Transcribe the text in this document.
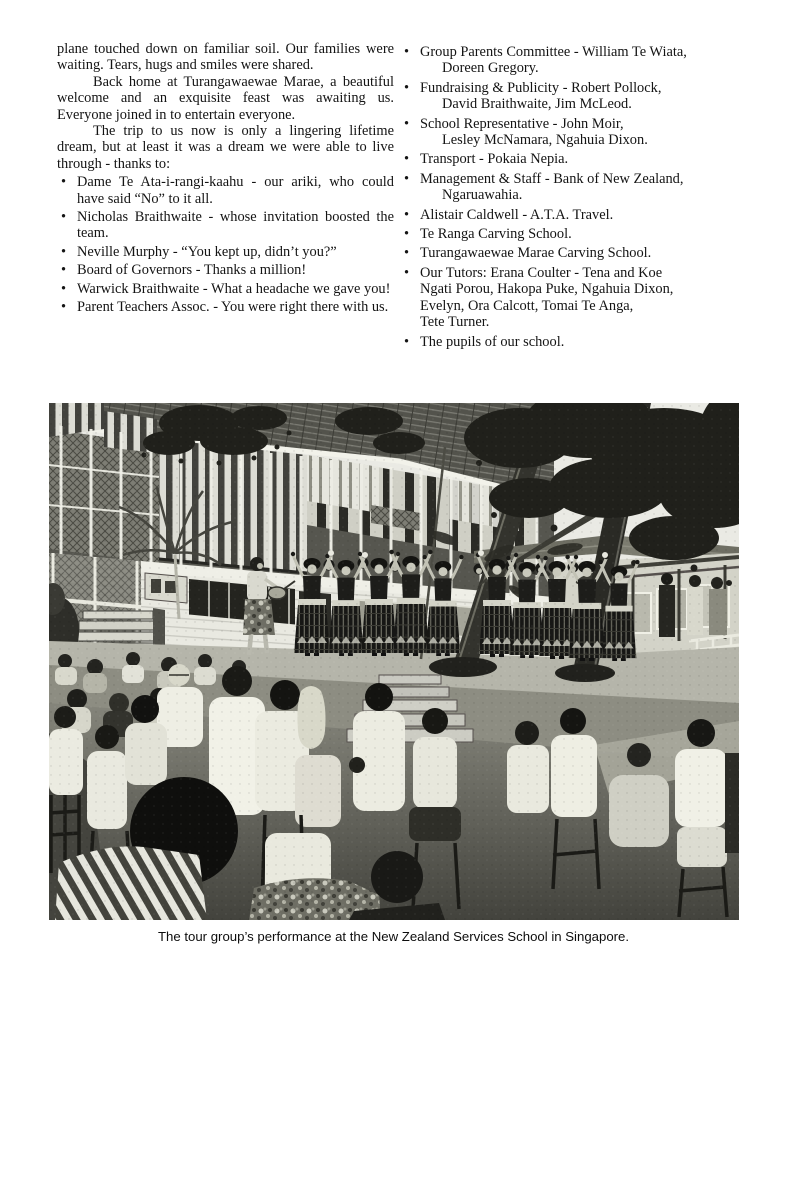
plane touched down on familiar soil. Our families were waiting. Tears, hugs and smiles were shared.

Back home at Turangawaewae Marae, a beautiful welcome and an exquisite feast was awaiting us. Everyone joined in to entertain everyone.

The trip to us now is only a lingering lifetime dream, but at least it was a dream we were able to live through - thanks to:

• Dame Te Ata-i-rangi-kaahu - our ariki, who could have said “No” to it all.
• Nicholas Braithwaite - whose invitation boosted the team.
• Neville Murphy - “You kept up, didn’t you?”
• Board of Governors - Thanks a million!
• Warwick Braithwaite - What a headache we gave you!
• Parent Teachers Assoc. - You were right there with us.
• Group Parents Committee - William Te Wiata,
Doreen Gregory.
• Fundraising & Publicity - Robert Pollock,
David Braithwaite, Jim McLeod.
• School Representative - John Moir,
Lesley McNamara, Ngahuia Dixon.
• Transport - Pokaia Nepia.
• Management & Staff - Bank of New Zealand,
Ngaruawahia.
• Alistair Caldwell - A.T.A. Travel.
• Te Ranga Carving School.
• Turangawaewae Marae Carving School.
• Our Tutors: Erana Coulter - Tena and Koe
Ngati Porou, Hakopa Puke, Ngahuia Dixon,
Evelyn, Ora Calcott, Tomai Te Anga,
Tete Turner.
• The pupils of our school.
The tour group’s performance at the New Zealand Services School in Singapore.
